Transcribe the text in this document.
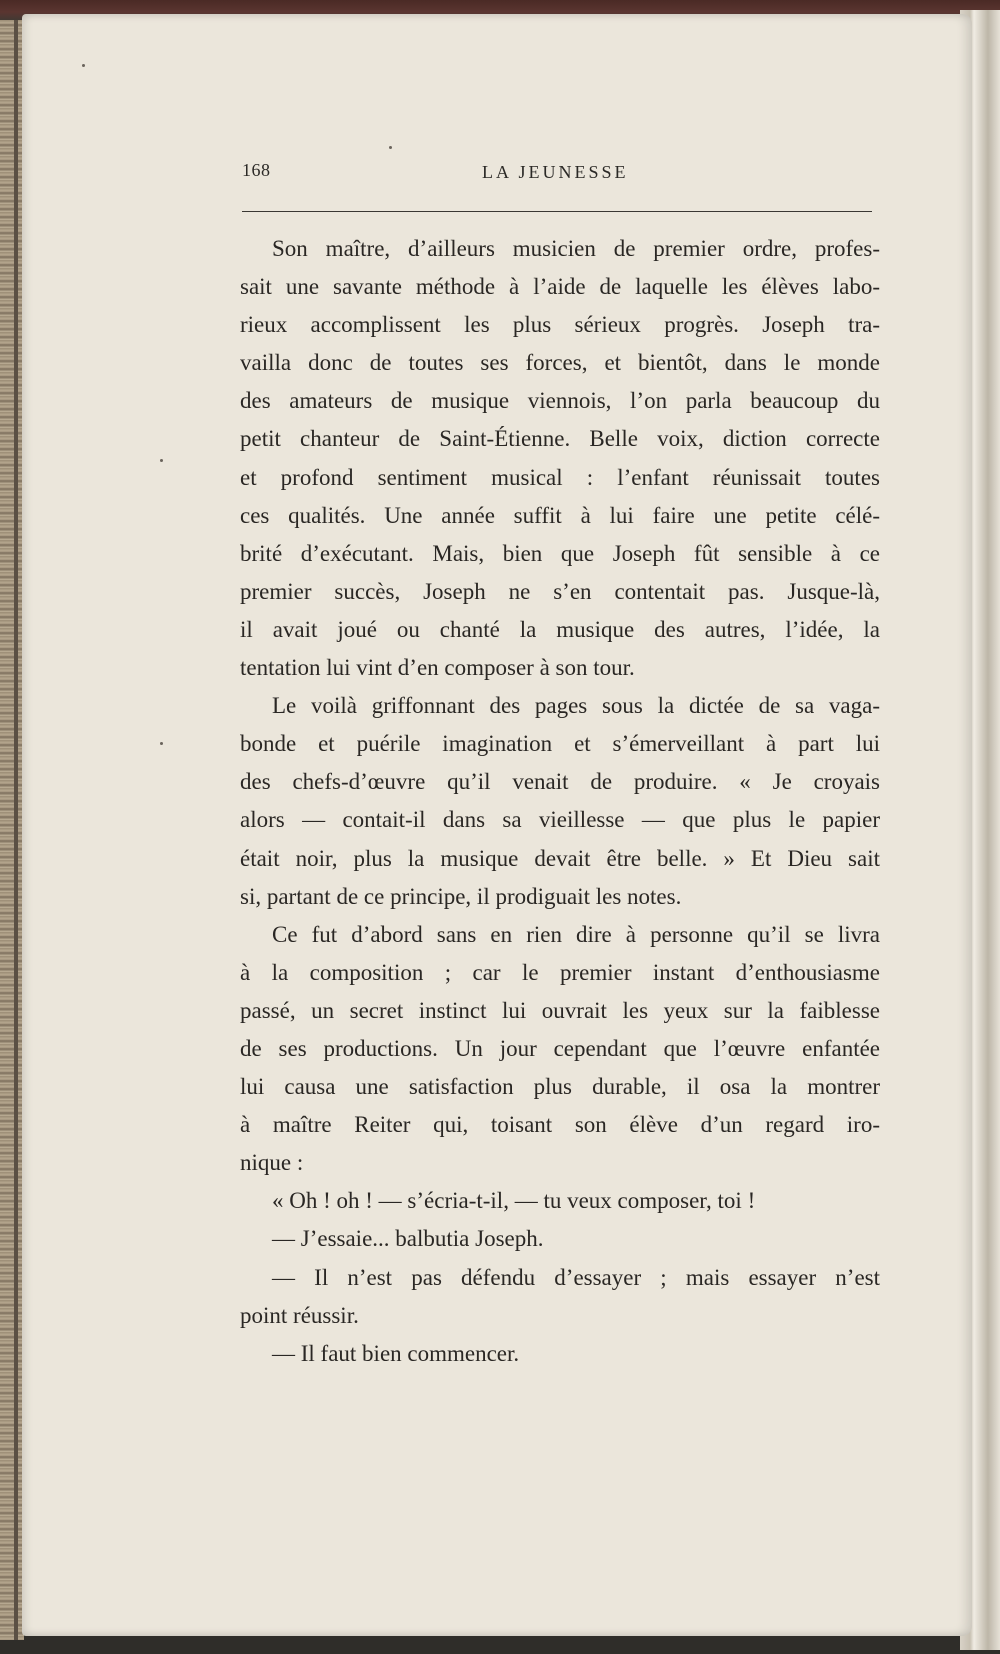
168	LA JEUNESSE
Son maître, d’ailleurs musicien de premier ordre, profes-
sait une savante méthode à l’aide de laquelle les élèves labo-
rieux accomplissent les plus sérieux progrès. Joseph tra-
vailla donc de toutes ses forces, et bientôt, dans le monde
des amateurs de musique viennois, l’on parla beaucoup du
petit chanteur de Saint-Étienne. Belle voix, diction correcte
et profond sentiment musical : l’enfant réunissait toutes
ces qualités. Une année suffit à lui faire une petite célé-
brité d’exécutant. Mais, bien que Joseph fût sensible à ce
premier succès, Joseph ne s’en contentait pas. Jusque-là,
il avait joué ou chanté la musique des autres, l’idée, la
tentation lui vint d’en composer à son tour.
Le voilà griffonnant des pages sous la dictée de sa vaga-
bonde et puérile imagination et s’émerveillant à part lui
des chefs-d’œuvre qu’il venait de produire. « Je croyais
alors — contait-il dans sa vieillesse — que plus le papier
était noir, plus la musique devait être belle. » Et Dieu sait
si, partant de ce principe, il prodiguait les notes.
Ce fut d’abord sans en rien dire à personne qu’il se livra
à la composition ; car le premier instant d’enthousiasme
passé, un secret instinct lui ouvrait les yeux sur la faiblesse
de ses productions. Un jour cependant que l’œuvre enfantée
lui causa une satisfaction plus durable, il osa la montrer
à maître Reiter qui, toisant son élève d’un regard iro-
nique :
« Oh ! oh ! — s’écria-t-il, — tu veux composer, toi !
— J’essaie... balbutia Joseph.
— Il n’est pas défendu d’essayer ; mais essayer n’est
point réussir.
— Il faut bien commencer.
